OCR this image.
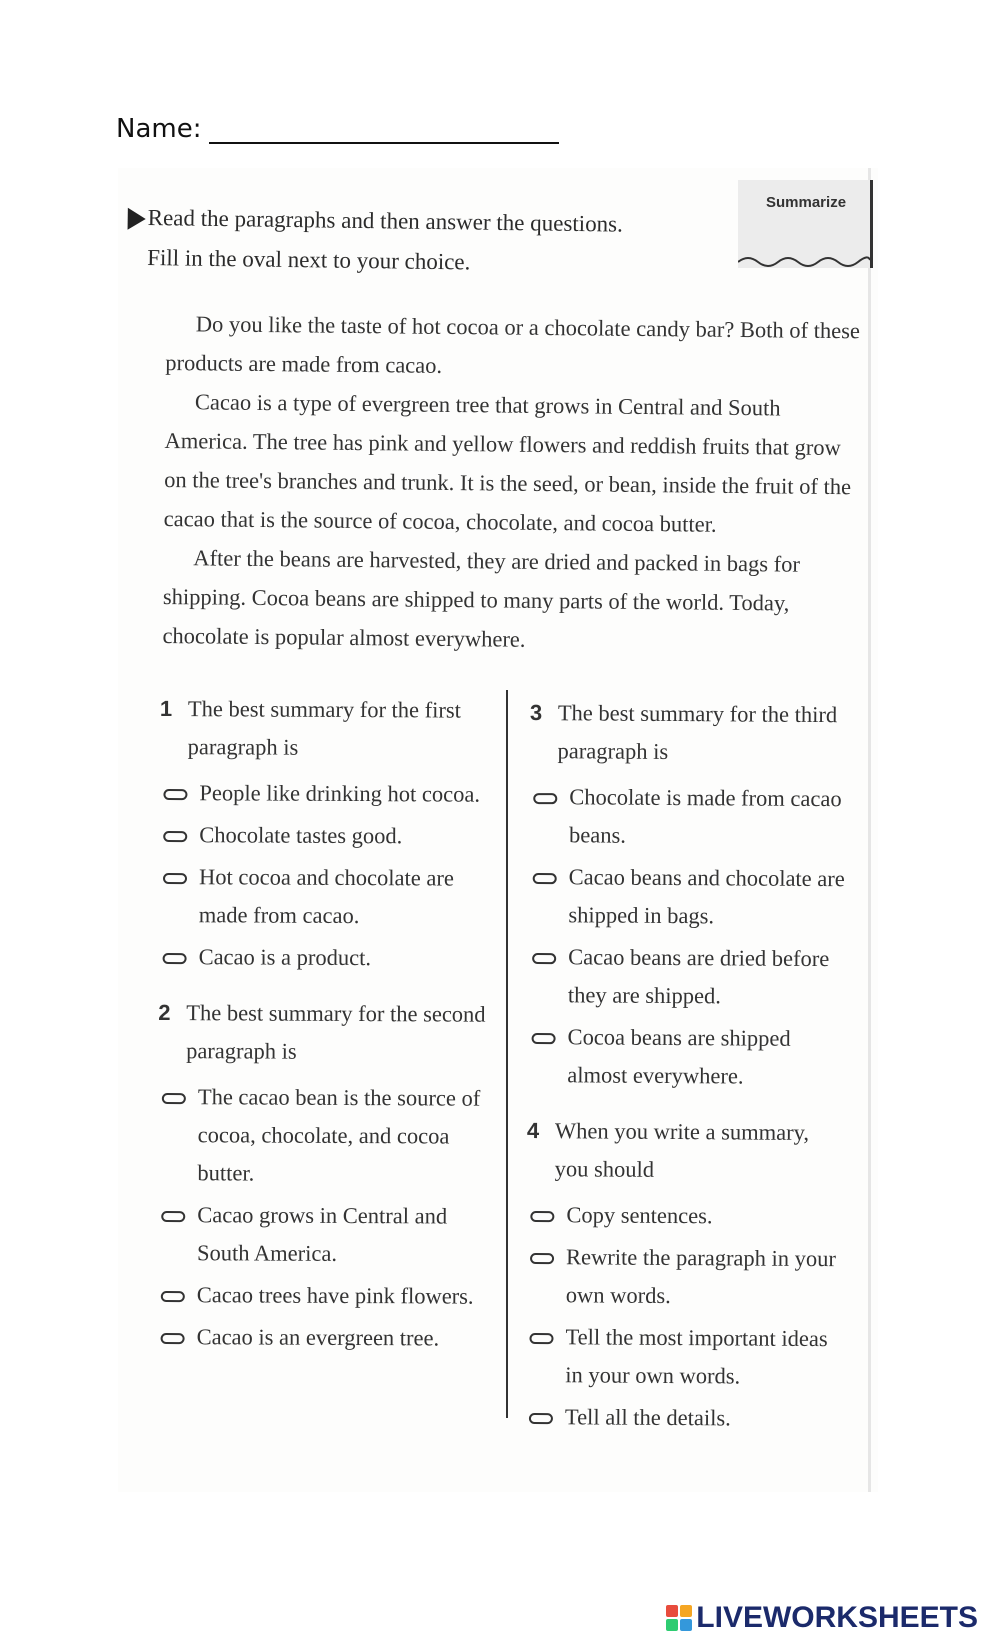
Name:
Summarize
Read the paragraphs and then answer the questions.
Fill in the oval next to your choice.

Do you like the taste of hot cocoa or a chocolate candy bar? Both of these products are made from cacao.

Cacao is a type of evergreen tree that grows in Central and South America. The tree has pink and yellow flowers and reddish fruits that grow on the tree's branches and trunk. It is the seed, or bean, inside the fruit of the cacao that is the source of cocoa, chocolate, and cocoa butter.

After the beans are harvested, they are dried and packed in bags for shipping. Cocoa beans are shipped to many parts of the world. Today, chocolate is popular almost everywhere.

1 The best summary for the first paragraph is
People like drinking hot cocoa.
Chocolate tastes good.
Hot cocoa and chocolate are made from cacao.
Cacao is a product.
2 The best summary for the second paragraph is
The cacao bean is the source of cocoa, chocolate, and cocoa butter.
Cacao grows in Central and South America.
Cacao trees have pink flowers.
Cacao is an evergreen tree.
3 The best summary for the third paragraph is
Chocolate is made from cacao beans.
Cacao beans and chocolate are shipped in bags.
Cacao beans are dried before they are shipped.
Cocoa beans are shipped almost everywhere.
4 When you write a summary, you should
Copy sentences.
Rewrite the paragraph in your own words.
Tell the most important ideas in your own words.
Tell all the details.
LIVEWORKSHEETS
